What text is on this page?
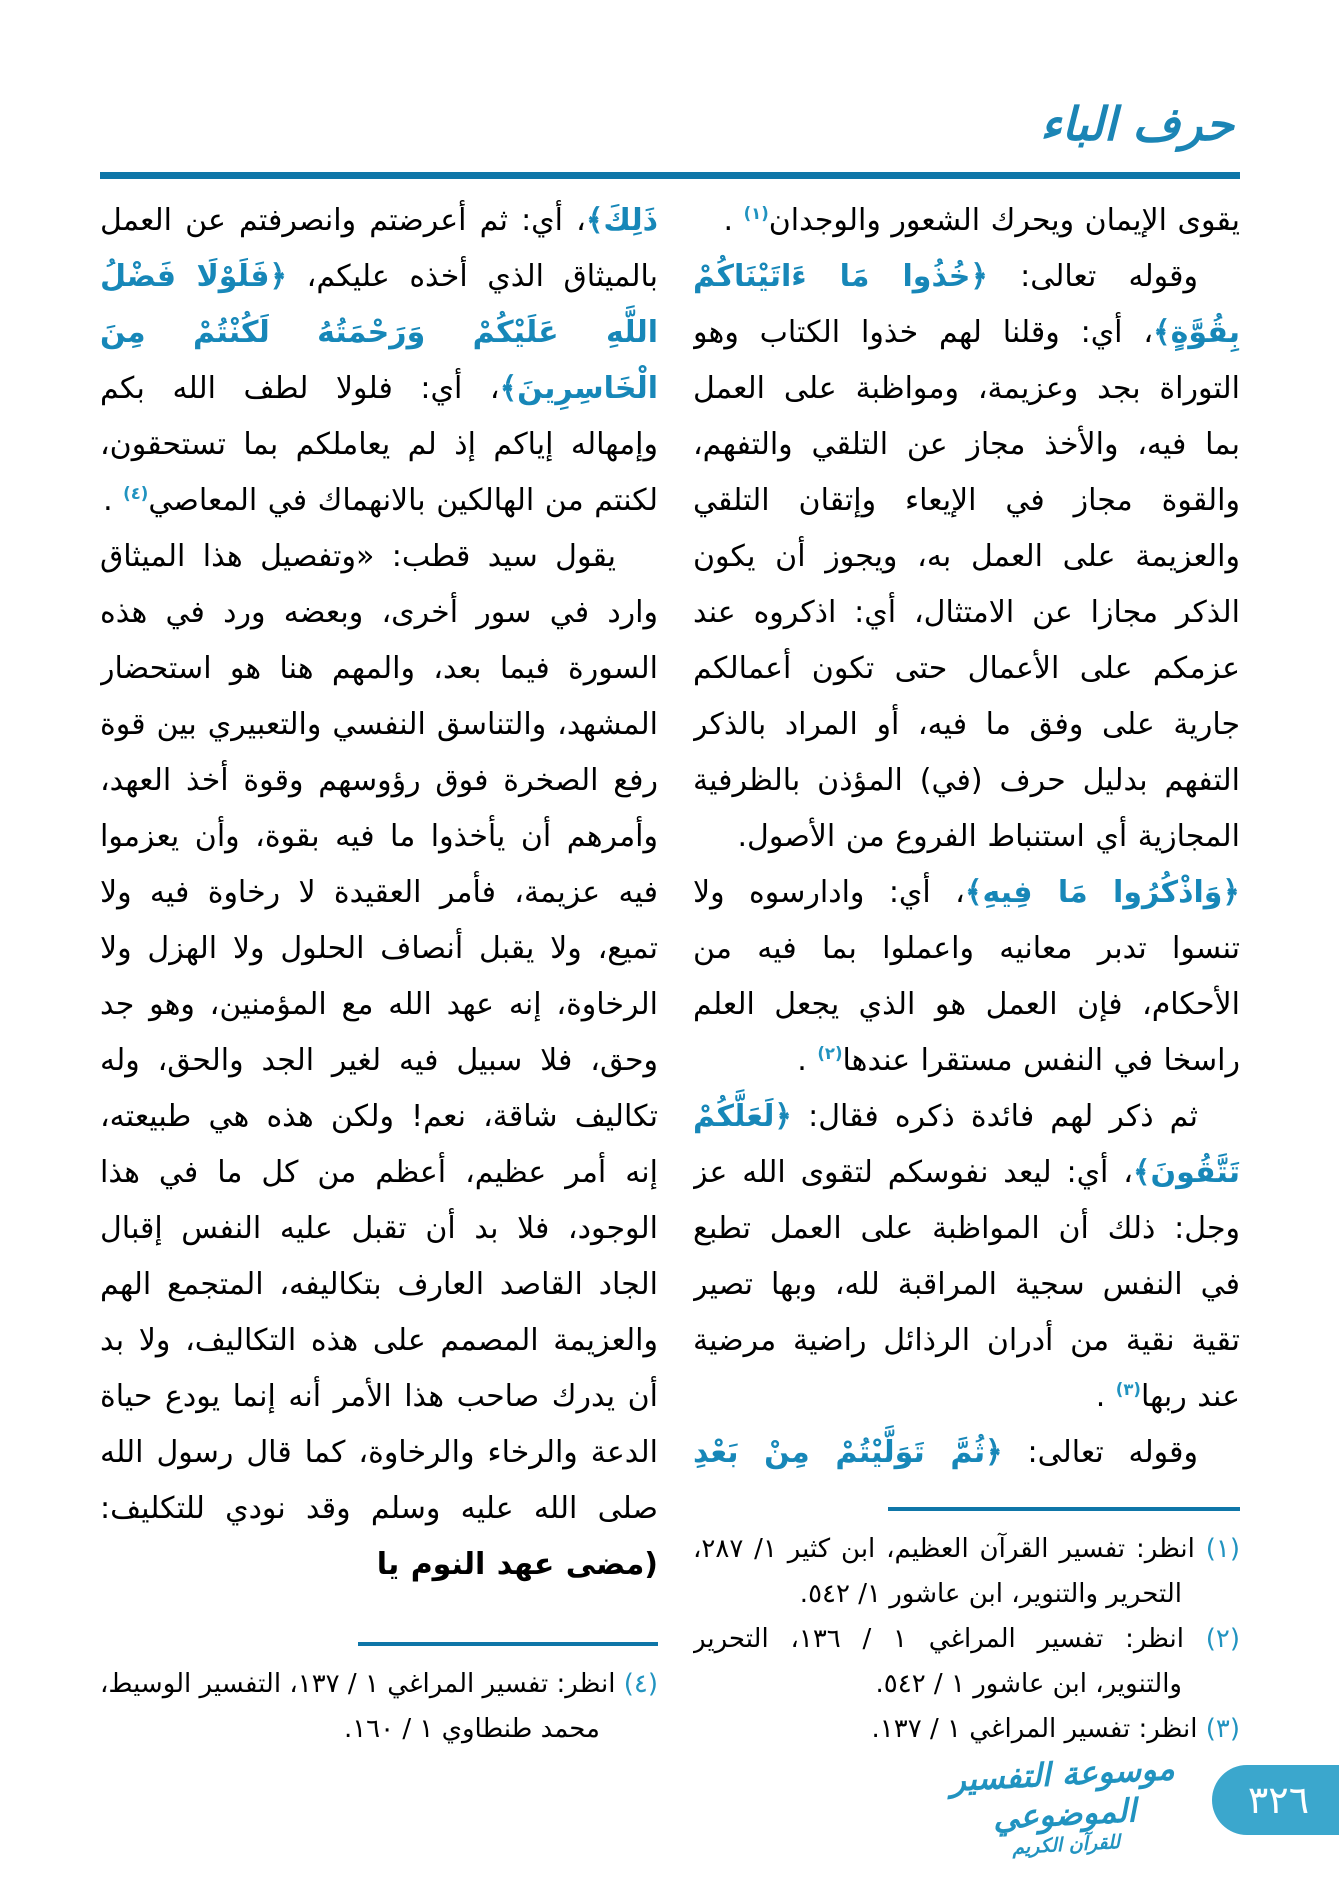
حرف الباء

يقوى الإيمان ويحرك الشعور والوجدان$^{(١)}$ .

وقوله تعالى: ﴿خُذُوا مَا ءَاتَيْنَاكُمْ بِقُوَّةٍ﴾، أي: وقلنا لهم خذوا الكتاب وهو التوراة بجد وعزيمة، ومواظبة على العمل بما فيه، والأخذ مجاز عن التلقي والتفهم، والقوة مجاز في الإيعاء وإتقان التلقي والعزيمة على العمل به، ويجوز أن يكون الذكر مجازا عن الامتثال، أي: اذكروه عند عزمكم على الأعمال حتى تكون أعمالكم جارية على وفق ما فيه، أو المراد بالذكر التفهم بدليل حرف (في) المؤذن بالظرفية المجازية أي استنباط الفروع من الأصول.

﴿وَاذْكُرُوا مَا فِيهِ﴾، أي: وادارسوه ولا تنسوا تدبر معانيه واعملوا بما فيه من الأحكام، فإن العمل هو الذي يجعل العلم راسخا في النفس مستقرا عندها$^{(٢)}$ .

ثم ذكر لهم فائدة ذكره فقال: ﴿لَعَلَّكُمْ تَتَّقُونَ﴾، أي: ليعد نفوسكم لتقوى الله عز وجل: ذلك أن المواظبة على العمل تطبع في النفس سجية المراقبة لله، وبها تصير تقية نقية من أدران الرذائل راضية مرضية عند ربها$^{(٣)}$ .

وقوله تعالى: ﴿ثُمَّ تَوَلَّيْتُمْ مِنْ بَعْدِ

(١) انظر: تفسير القرآن العظيم، ابن كثير ١/ ٢٨٧، التحرير والتنوير، ابن عاشور ١/ ٥٤٢.
(٢) انظر: تفسير المراغي ١ / ١٣٦، التحرير والتنوير، ابن عاشور ١ / ٥٤٢.
(٣) انظر: تفسير المراغي ١ / ١٣٧.

ذَلِكَ﴾، أي: ثم أعرضتم وانصرفتم عن العمل بالميثاق الذي أخذه عليكم، ﴿فَلَوْلَا فَضْلُ اللَّهِ عَلَيْكُمْ وَرَحْمَتُهُ لَكُنْتُمْ مِنَ الْخَاسِرِينَ﴾، أي: فلولا لطف الله بكم وإمهاله إياكم إذ لم يعاملكم بما تستحقون، لكنتم من الهالكين بالانهماك في المعاصي$^{(٤)}$ .

يقول سيد قطب: «وتفصيل هذا الميثاق وارد في سور أخرى، وبعضه ورد في هذه السورة فيما بعد، والمهم هنا هو استحضار المشهد، والتناسق النفسي والتعبيري بين قوة رفع الصخرة فوق رؤوسهم وقوة أخذ العهد، وأمرهم أن يأخذوا ما فيه بقوة، وأن يعزموا فيه عزيمة، فأمر العقيدة لا رخاوة فيه ولا تميع، ولا يقبل أنصاف الحلول ولا الهزل ولا الرخاوة، إنه عهد الله مع المؤمنين، وهو جد وحق، فلا سبيل فيه لغير الجد والحق، وله تكاليف شاقة، نعم! ولكن هذه هي طبيعته، إنه أمر عظيم، أعظم من كل ما في هذا الوجود، فلا بد أن تقبل عليه النفس إقبال الجاد القاصد العارف بتكاليفه، المتجمع الهم والعزيمة المصمم على هذه التكاليف، ولا بد أن يدرك صاحب هذا الأمر أنه إنما يودع حياة الدعة والرخاء والرخاوة، كما قال رسول الله صلى الله عليه وسلم وقد نودي للتكليف: (مضى عهد النوم يا

(٤) انظر: تفسير المراغي ١ / ١٣٧، التفسير الوسيط، محمد طنطاوي ١ / ١٦٠.
موسوعة التفسير الموضوعي
للقرآن الكريم
٣٢٦
